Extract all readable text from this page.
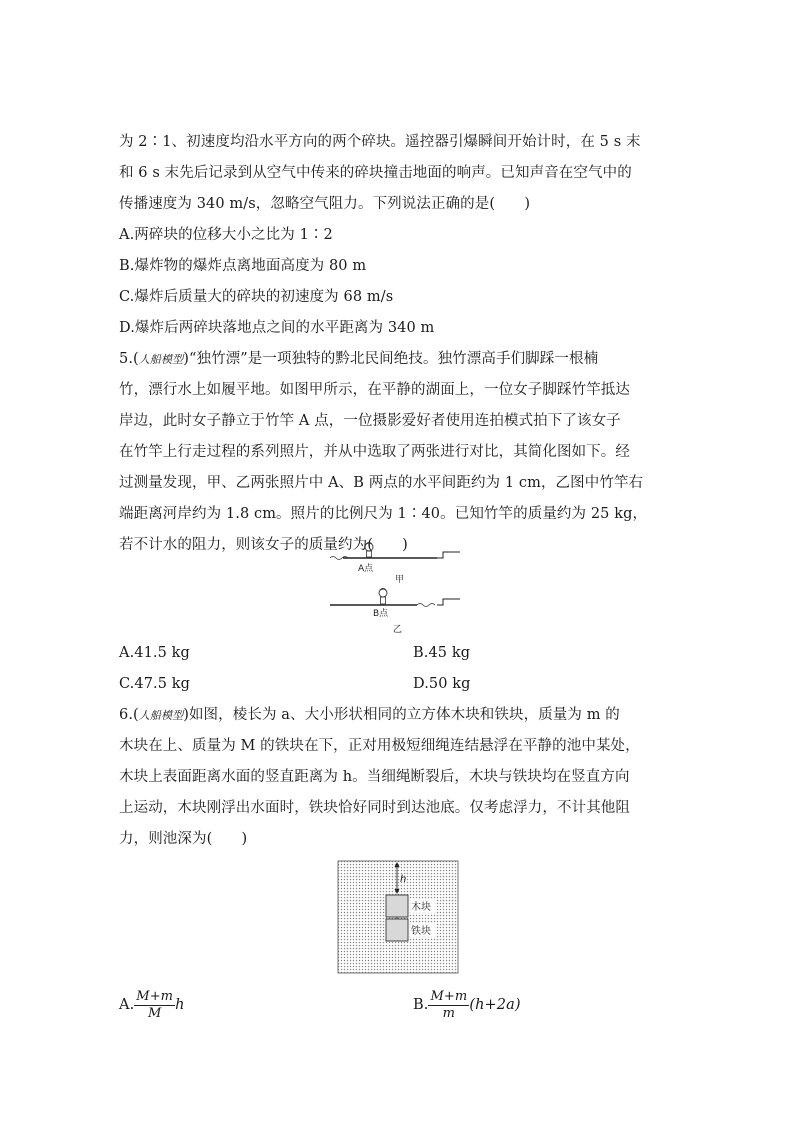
为 2∶1、初速度均沿水平方向的两个碎块。遥控器引爆瞬间开始计时，在 5 s 末
和 6 s 末先后记录到从空气中传来的碎块撞击地面的响声。已知声音在空气中的
传播速度为 340 m/s，忽略空气阻力。下列说法正确的是(　　)
A.两碎块的位移大小之比为 1∶2
B.爆炸物的爆炸点离地面高度为 80 m
C.爆炸后质量大的碎块的初速度为 68 m/s
D.爆炸后两碎块落地点之间的水平距离为 340 m
5.(人船模型)“独竹漂”是一项独特的黔北民间绝技。独竹漂高手们脚踩一根楠
竹，漂行水上如履平地。如图甲所示，在平静的湖面上，一位女子脚踩竹竿抵达
岸边，此时女子静立于竹竿 A 点，一位摄影爱好者使用连拍模式拍下了该女子
在竹竿上行走过程的系列照片，并从中选取了两张进行对比，其简化图如下。经
过测量发现，甲、乙两张照片中 A、B 两点的水平间距约为 1 cm，乙图中竹竿右
端距离河岸约为 1.8 cm。照片的比例尺为 1∶40。已知竹竿的质量约为 25 kg，
若不计水的阻力，则该女子的质量约为(　　)
A点
甲
B点
乙
A.41.5 kg	B.45 kg
C.47.5 kg	D.50 kg
6.(人船模型)如图，棱长为 a、大小形状相同的立方体木块和铁块，质量为 m 的
木块在上、质量为 M 的铁块在下，正对用极短细绳连结悬浮在平静的池中某处，
木块上表面距离水面的竖直距离为 h。当细绳断裂后，木块与铁块均在竖直方向
上运动，木块刚浮出水面时，铁块恰好同时到达池底。仅考虑浮力，不计其他阻
力，则池深为(　　)
h
木块
铁块
A. $\frac{M+m}{M}$ h	B. $\frac{M+m}{m} (h+2a)$
